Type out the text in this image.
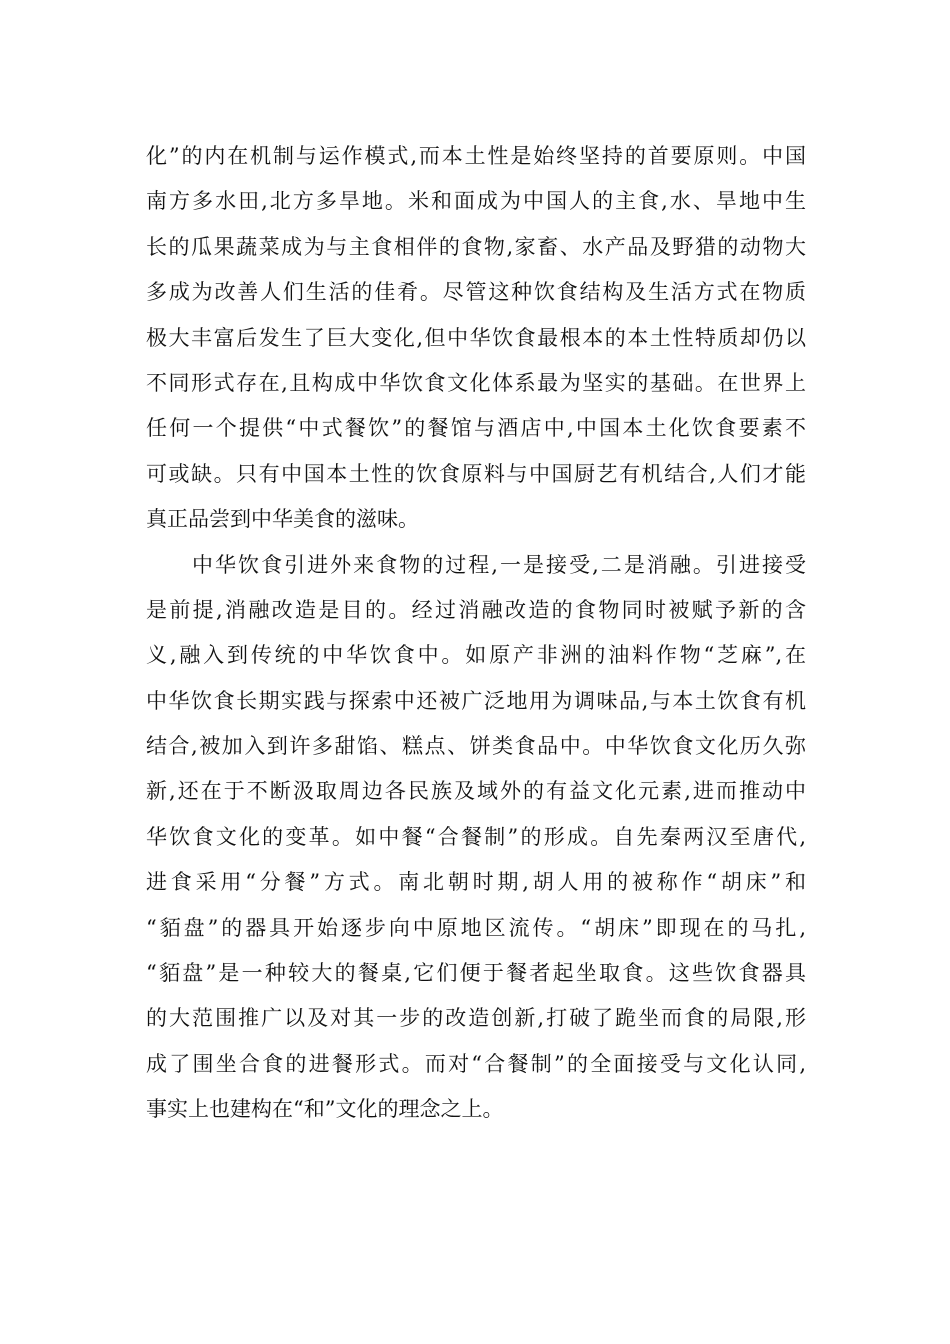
化”的内在机制与运作模式,而本土性是始终坚持的首要原则。中国
南方多水田,北方多旱地。米和面成为中国人的主食,水、旱地中生
长的瓜果蔬菜成为与主食相伴的食物,家畜、水产品及野猎的动物大
多成为改善人们生活的佳肴。尽管这种饮食结构及生活方式在物质
极大丰富后发生了巨大变化,但中华饮食最根本的本土性特质却仍以
不同形式存在,且构成中华饮食文化体系最为坚实的基础。在世界上
任何一个提供“中式餐饮”的餐馆与酒店中,中国本土化饮食要素不
可或缺。只有中国本土性的饮食原料与中国厨艺有机结合,人们才能
真正品尝到中华美食的滋味。
中华饮食引进外来食物的过程,一是接受,二是消融。引进接受
是前提,消融改造是目的。经过消融改造的食物同时被赋予新的含
义,融入到传统的中华饮食中。如原产非洲的油料作物“芝麻”,在
中华饮食长期实践与探索中还被广泛地用为调味品,与本土饮食有机
结合,被加入到许多甜馅、糕点、饼类食品中。中华饮食文化历久弥
新,还在于不断汲取周边各民族及域外的有益文化元素,进而推动中
华饮食文化的变革。如中餐“合餐制”的形成。自先秦两汉至唐代,
进食采用“分餐”方式。南北朝时期,胡人用的被称作“胡床”和
“貊盘”的器具开始逐步向中原地区流传。“胡床”即现在的马扎,
“貊盘”是一种较大的餐桌,它们便于餐者起坐取食。这些饮食器具
的大范围推广以及对其一步的改造创新,打破了跪坐而食的局限,形
成了围坐合食的进餐形式。而对“合餐制”的全面接受与文化认同,
事实上也建构在“和”文化的理念之上。
